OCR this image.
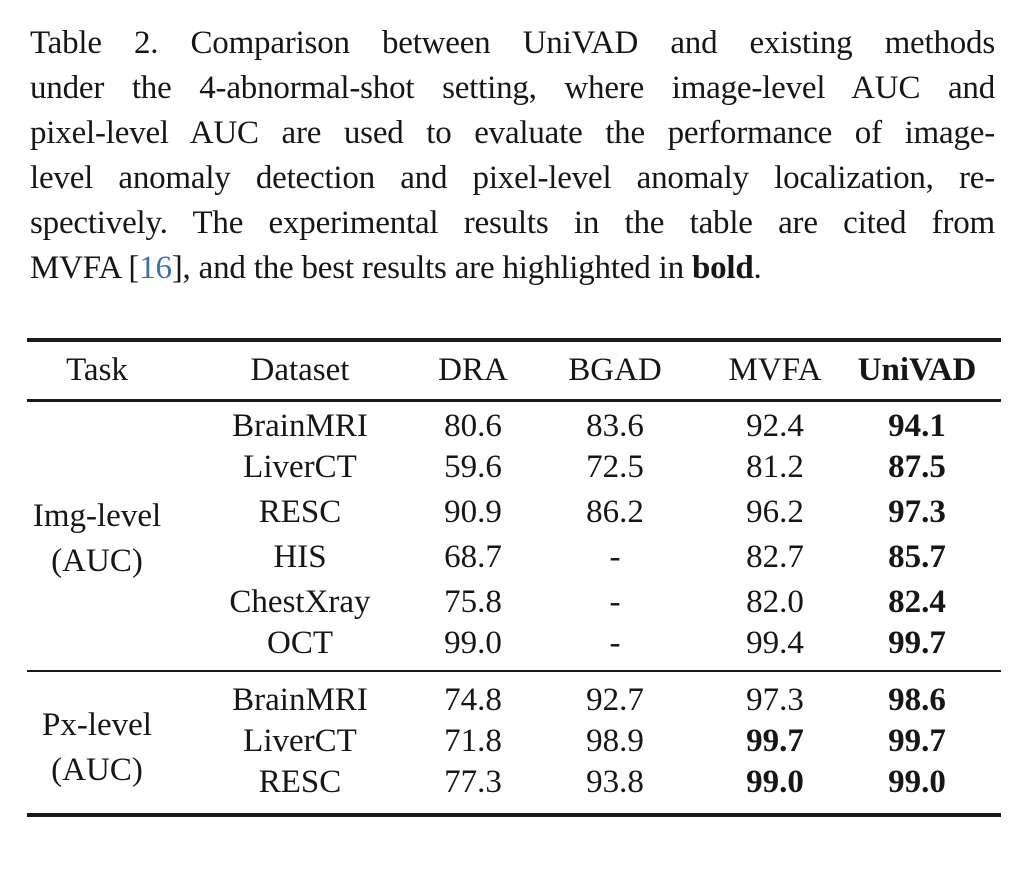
Table 2. Comparison between UniVAD and existing methods
under the 4-abnormal-shot setting, where image-level AUC and
pixel-level AUC are used to evaluate the performance of image-
level anomaly detection and pixel-level anomaly localization, re-
spectively. The experimental results in the table are cited from
MVFA [16], and the best results are highlighted in bold.
Task	Dataset	DRA	BGAD	MVFA	UniVAD

Img-level
(AUC)	BrainMRI	80.6	83.6	92.4	94.1
	LiverCT	59.6	72.5	81.2	87.5
	RESC	90.9	86.2	96.2	97.3
	HIS	68.7	-	82.7	85.7
	ChestXray	75.8	-	82.0	82.4
	OCT	99.0	-	99.4	99.7

Px-level
(AUC)	BrainMRI	74.8	92.7	97.3	98.6
	LiverCT	71.8	98.9	99.7	99.7
	RESC	77.3	93.8	99.0	99.0
